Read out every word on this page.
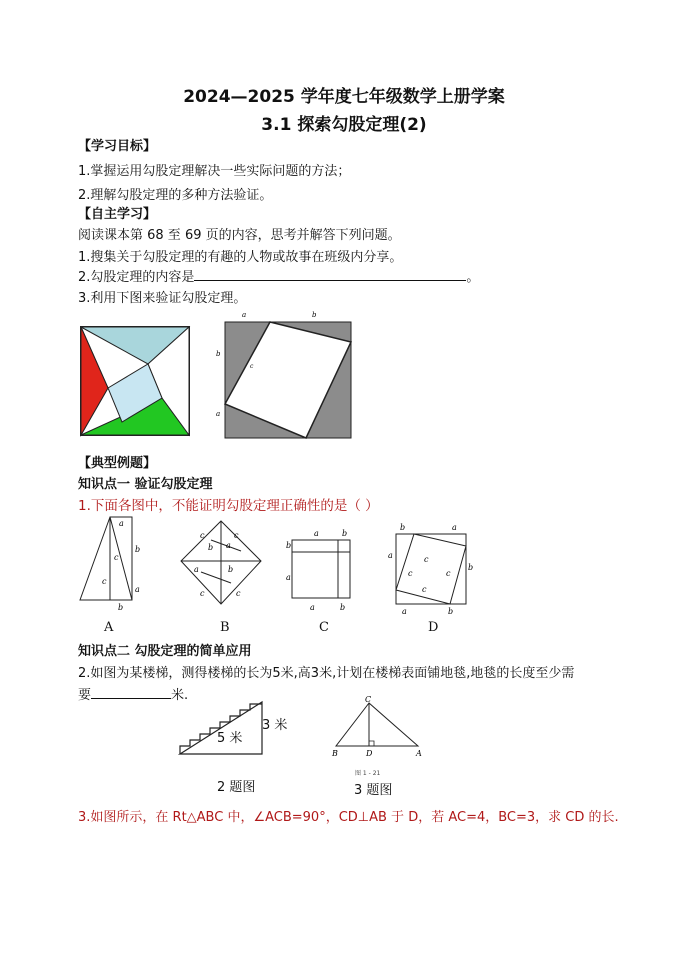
2024—2025 学年度七年级数学上册学案
3.1 探索勾股定理(2)
【学习目标】
1.掌握运用勾股定理解决一些实际问题的方法；
2.理解勾股定理的多种方法验证。
【自主学习】
阅读课本第 68 至 69 页的内容，思考并解答下列问题。
1.搜集关于勾股定理的有趣的人物或故事在班级内分享。
2.勾股定理的内容是	。
3.利用下图来验证勾股定理。
a	b
b
a
c
【典型例题】
知识点一 验证勾股定理
1.下面各图中，不能证明勾股定理正确性的是（ ）
a
b
c
a
c
b
c	c
b a
a	b
c	c
a	b
b
a
a	b
b	a
a
b
a	b
c
c	c
c
A	B	C	D
知识点二 勾股定理的简单应用
2.如图为某楼梯，测得楼梯的长为5米,高3米,计划在楼梯表面铺地毯,地毯的长度至少需
要	米.
5 米
3 米
2 题图
C
B	D	A
图 1 - 21
3 题图
3.如图所示，在 Rt△ABC 中，∠ACB=90°，CD⊥AB 于 D，若 AC=4，BC=3，求 CD 的长.
